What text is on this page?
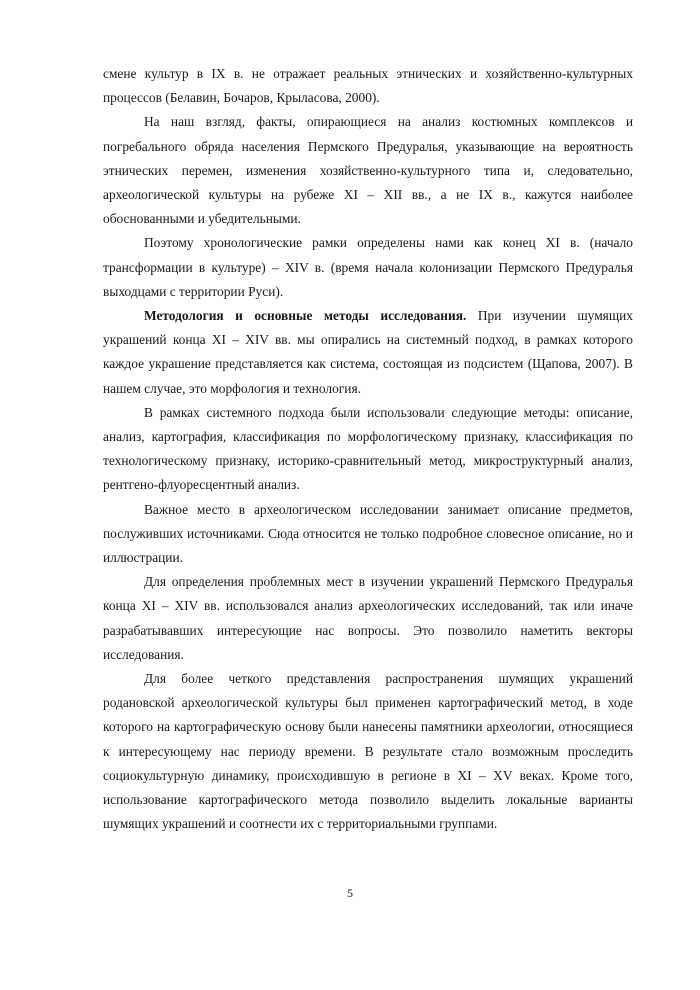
смене культур в IX в. не отражает реальных этнических и хозяйственно-культурных процессов (Белавин, Бочаров, Крыласова, 2000).

На наш взгляд, факты, опирающиеся на анализ костюмных комплексов и погребального обряда населения Пермского Предуралья, указывающие на вероятность этнических перемен, изменения хозяйственно-культурного типа и, следовательно, археологической культуры на рубеже XI – XII вв., а не IX в., кажутся наиболее обоснованными и убедительными.

Поэтому хронологические рамки определены нами как конец XI в. (начало трансформации в культуре) – XIV в. (время начала колонизации Пермского Предуралья выходцами с территории Руси).

Методология и основные методы исследования. При изучении шумящих украшений конца XI – XIV вв. мы опирались на системный подход, в рамках которого каждое украшение представляется как система, состоящая из подсистем (Щапова, 2007). В нашем случае, это морфология и технология.

В рамках системного подхода были использовали следующие методы: описание, анализ, картография, классификация по морфологическому признаку, классификация по технологическому признаку, историко-сравнительный метод, микроструктурный анализ, рентгено-флуоресцентный анализ.

Важное место в археологическом исследовании занимает описание предметов, послуживших источниками. Сюда относится не только подробное словесное описание, но и иллюстрации.

Для определения проблемных мест в изучении украшений Пермского Предуралья конца XI – XIV вв. использовался анализ археологических исследований, так или иначе разрабатывавших интересующие нас вопросы. Это позволило наметить векторы исследования.

Для более четкого представления распространения шумящих украшений родановской археологической культуры был применен картографический метод, в ходе которого на картографическую основу были нанесены памятники археологии, относящиеся к интересующему нас периоду времени. В результате стало возможным проследить социокультурную динамику, происходившую в регионе в XI – XV веках. Кроме того, использование картографического метода позволило выделить локальные варианты шумящих украшений и соотнести их с территориальными группами.

5
